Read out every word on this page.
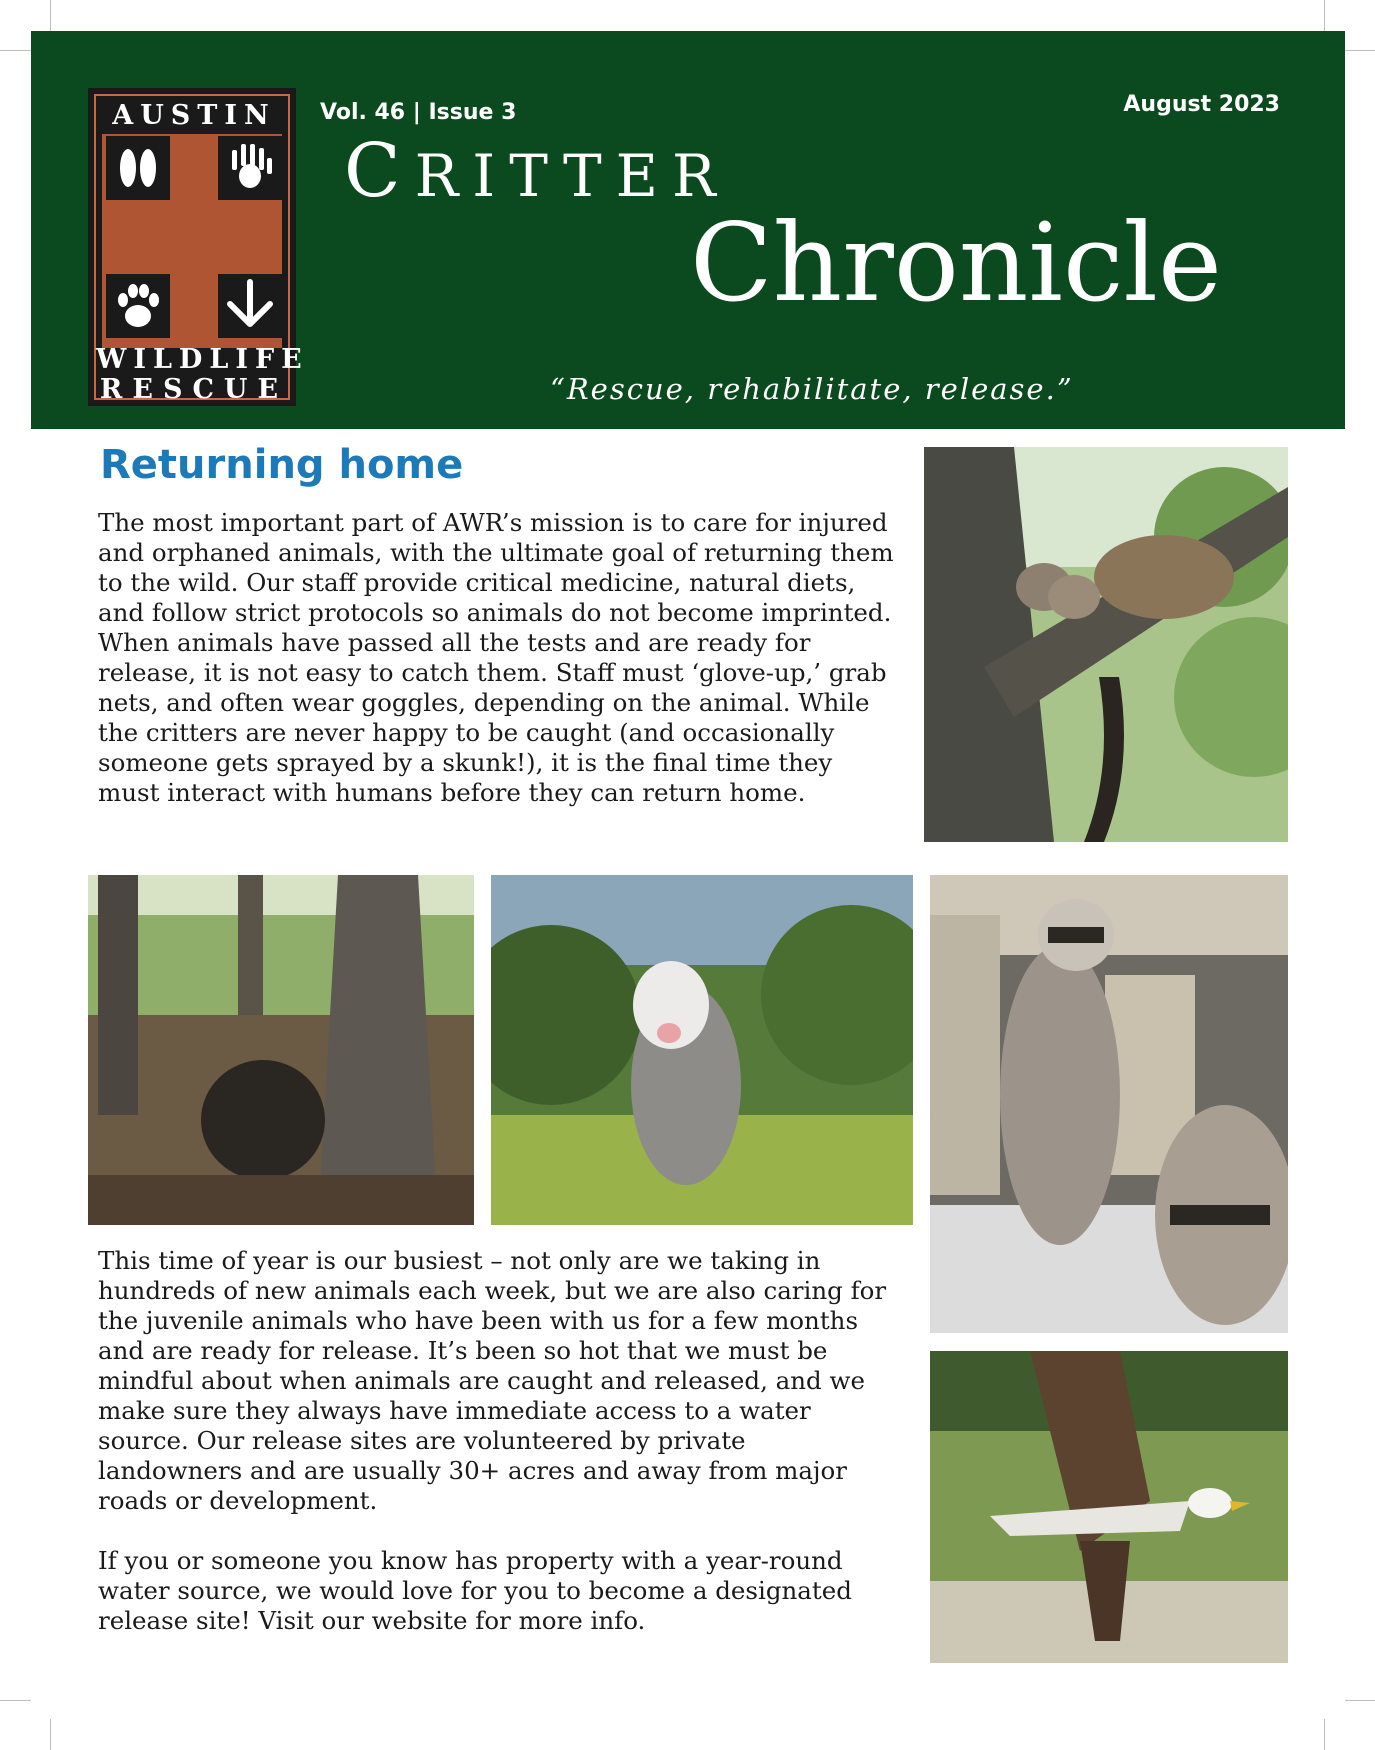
AUSTIN
WILDLIFE
RESCUE
Vol. 46 | Issue 3	August 2023
CRITTER
Chronicle
“Rescue, rehabilitate, release.”
Returning home

The most important part of AWR’s mission is to care for injured and orphaned animals, with the ultimate goal of returning them to the wild. Our staff provide critical medicine, natural diets, and follow strict protocols so animals do not become imprinted. When animals have passed all the tests and are ready for release, it is not easy to catch them. Staff must ‘glove-up,’ grab nets, and often wear goggles, depending on the animal. While the critters are never happy to be caught (and occasionally someone gets sprayed by a skunk!), it is the final time they must interact with humans before they can return home.

This time of year is our busiest – not only are we taking in hundreds of new animals each week, but we are also caring for the juvenile animals who have been with us for a few months and are ready for release. It’s been so hot that we must be mindful about when animals are caught and released, and we make sure they always have immediate access to a water source. Our release sites are volunteered by private landowners and are usually 30+ acres and away from major roads or development.

If you or someone you know has property with a year-round water source, we would love for you to become a designated release site! Visit our website for more info.
